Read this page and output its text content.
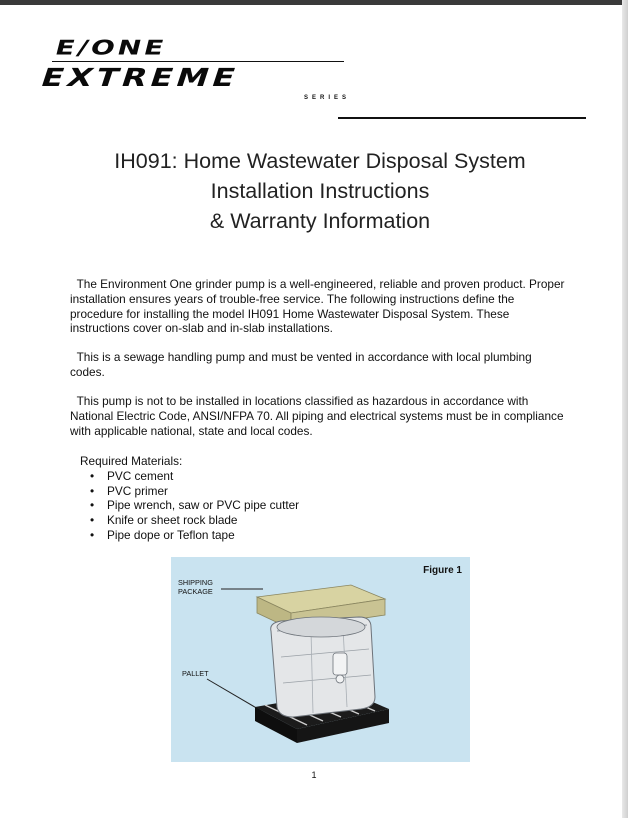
E/ONE
EXTREME
SERIES
IH091: Home Wastewater Disposal System
Installation Instructions
& Warranty Information
The Environment One grinder pump is a well-engineered, reliable and proven product. Proper installation ensures years of trouble-free service. The following instructions define the procedure for installing the model IH091 Home Wastewater Disposal System. These instructions cover on-slab and in-slab installations.
This is a sewage handling pump and must be vented in accordance with local plumbing codes.
This pump is not to be installed in locations classified as hazardous in accordance with National Electric Code, ANSI/NFPA 70. All piping and electrical systems must be in compliance with applicable national, state and local codes.
Required Materials:
• PVC cement
• PVC primer
• Pipe wrench, saw or PVC pipe cutter
• Knife or sheet rock blade
• Pipe dope or Teflon tape
Figure 1
SHIPPING
PACKAGE
PALLET
1
